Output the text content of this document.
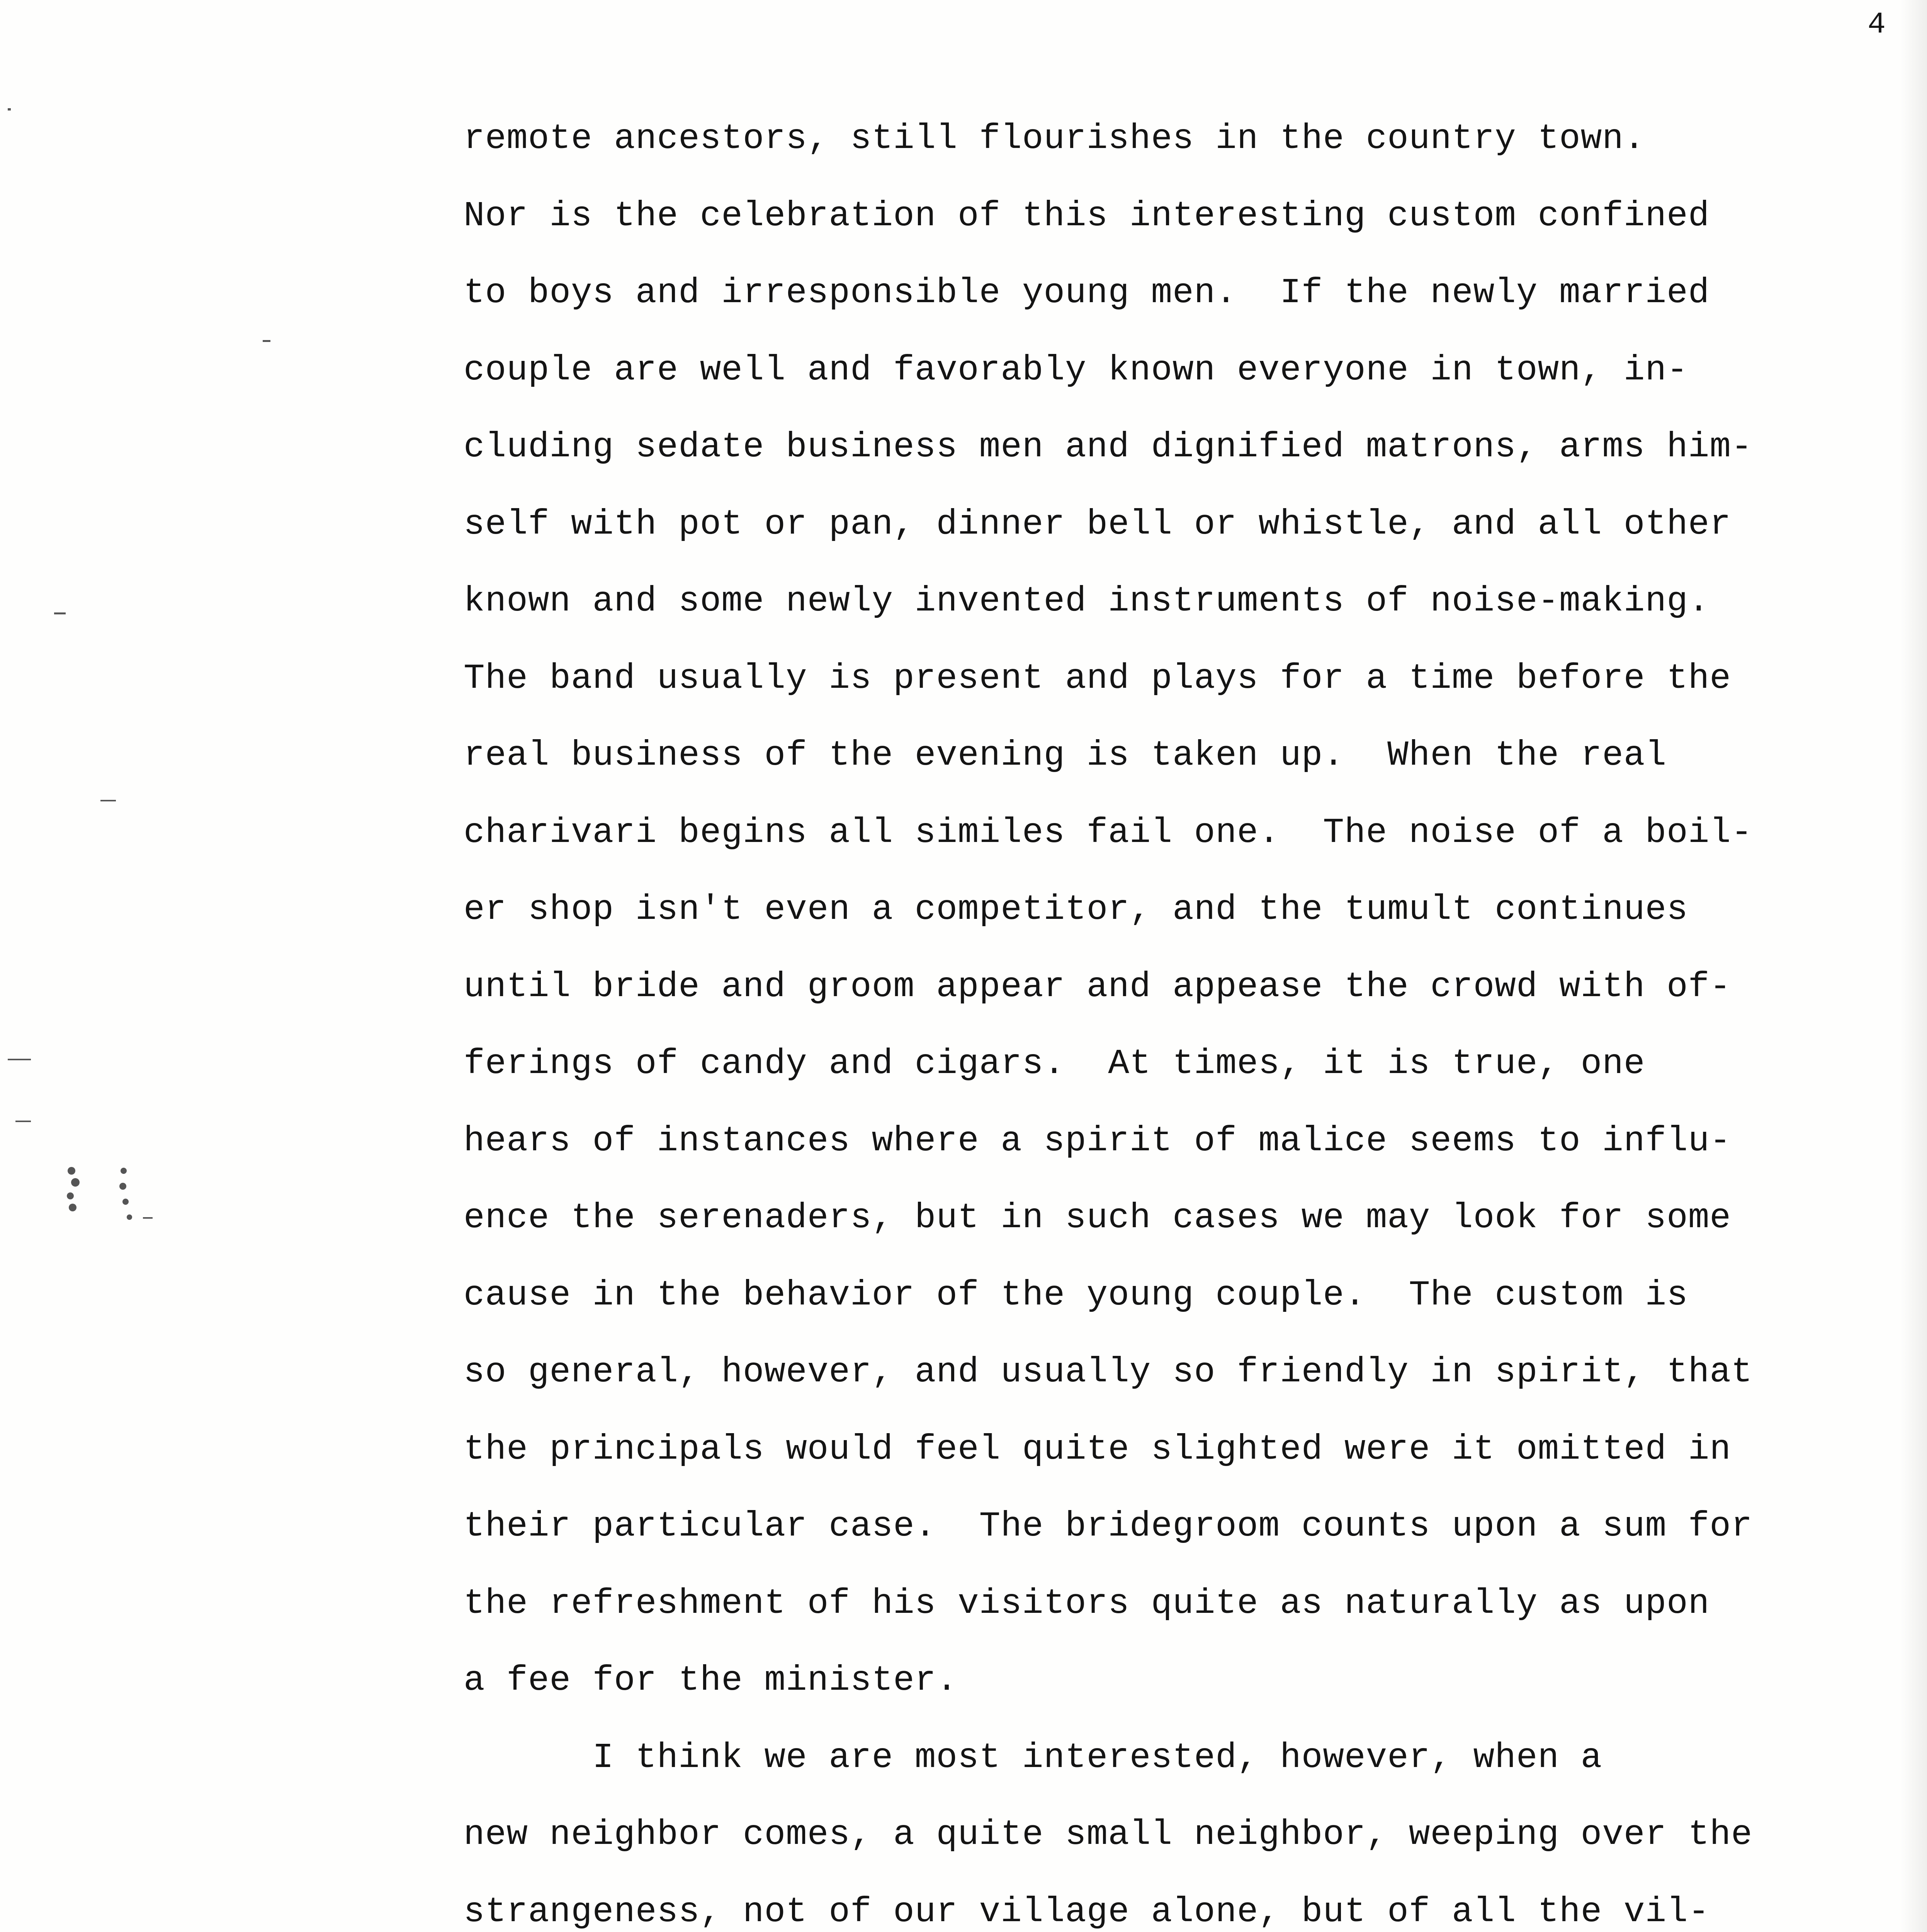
4
remote ancestors, still flourishes in the country town.
Nor is the celebration of this interesting custom confined
to boys and irresponsible young men.  If the newly married
couple are well and favorably known everyone in town, in-
cluding sedate business men and dignified matrons, arms him-
self with pot or pan, dinner bell or whistle, and all other
known and some newly invented instruments of noise-making.
The band usually is present and plays for a time before the
real business of the evening is taken up.  When the real
charivari begins all similes fail one.  The noise of a boil-
er shop isn't even a competitor, and the tumult continues
until bride and groom appear and appease the crowd with of-
ferings of candy and cigars.  At times, it is true, one
hears of instances where a spirit of malice seems to influ-
ence the serenaders, but in such cases we may look for some
cause in the behavior of the young couple.  The custom is
so general, however, and usually so friendly in spirit, that
the principals would feel quite slighted were it omitted in
their particular case.  The bridegroom counts upon a sum for
the refreshment of his visitors quite as naturally as upon
a fee for the minister.
I think we are most interested, however, when a
new neighbor comes, a quite small neighbor, weeping over the
strangeness, not of our village alone, but of all the vil-
